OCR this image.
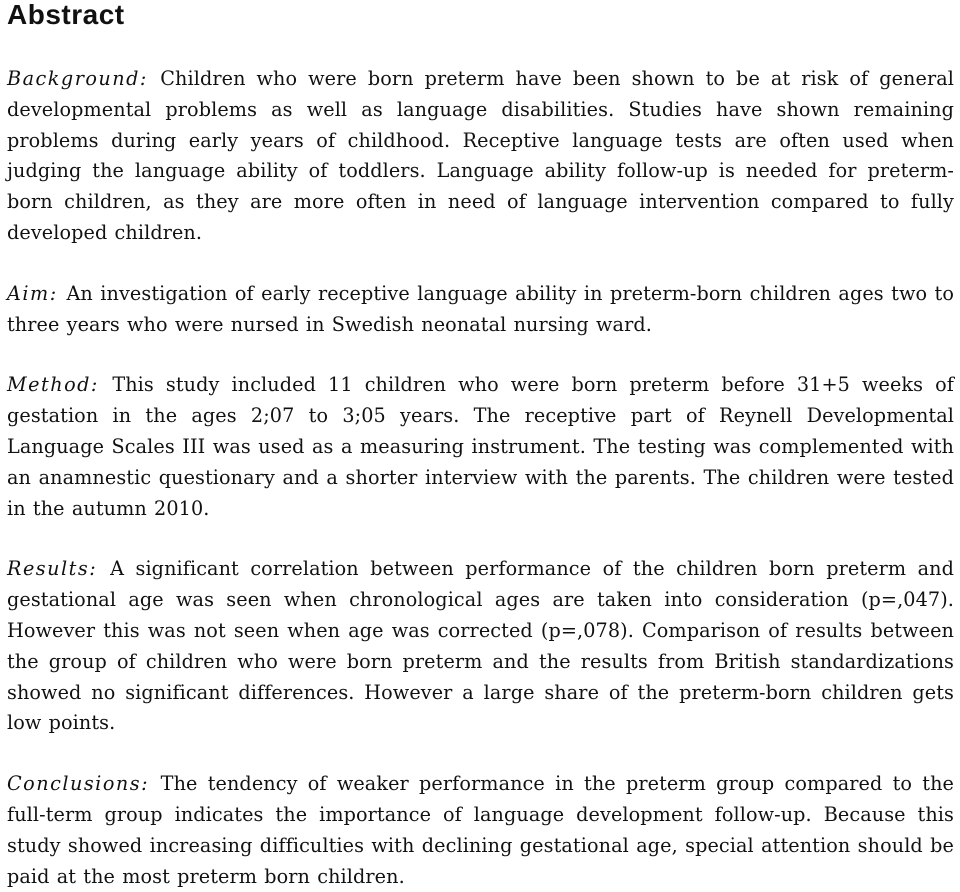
Abstract

Background: Children who were born preterm have been shown to be at risk of general developmental problems as well as language disabilities. Studies have shown remaining problems during early years of childhood. Receptive language tests are often used when judging the language ability of toddlers. Language ability follow-up is needed for preterm-born children, as they are more often in need of language intervention compared to fully developed children.

Aim: An investigation of early receptive language ability in preterm-born children ages two to three years who were nursed in Swedish neonatal nursing ward.

Method: This study included 11 children who were born preterm before 31+5 weeks of gestation in the ages 2;07 to 3;05 years. The receptive part of Reynell Developmental Language Scales III was used as a measuring instrument. The testing was complemented with an anamnestic questionary and a shorter interview with the parents. The children were tested in the autumn 2010.

Results: A significant correlation between performance of the children born preterm and gestational age was seen when chronological ages are taken into consideration (p=,047). However this was not seen when age was corrected (p=,078). Comparison of results between the group of children who were born preterm and the results from British standardizations showed no significant differences. However a large share of the preterm-born children gets low points.

Conclusions: The tendency of weaker performance in the preterm group compared to the full-term group indicates the importance of language development follow-up. Because this study showed increasing difficulties with declining gestational age, special attention should be paid at the most preterm born children.
